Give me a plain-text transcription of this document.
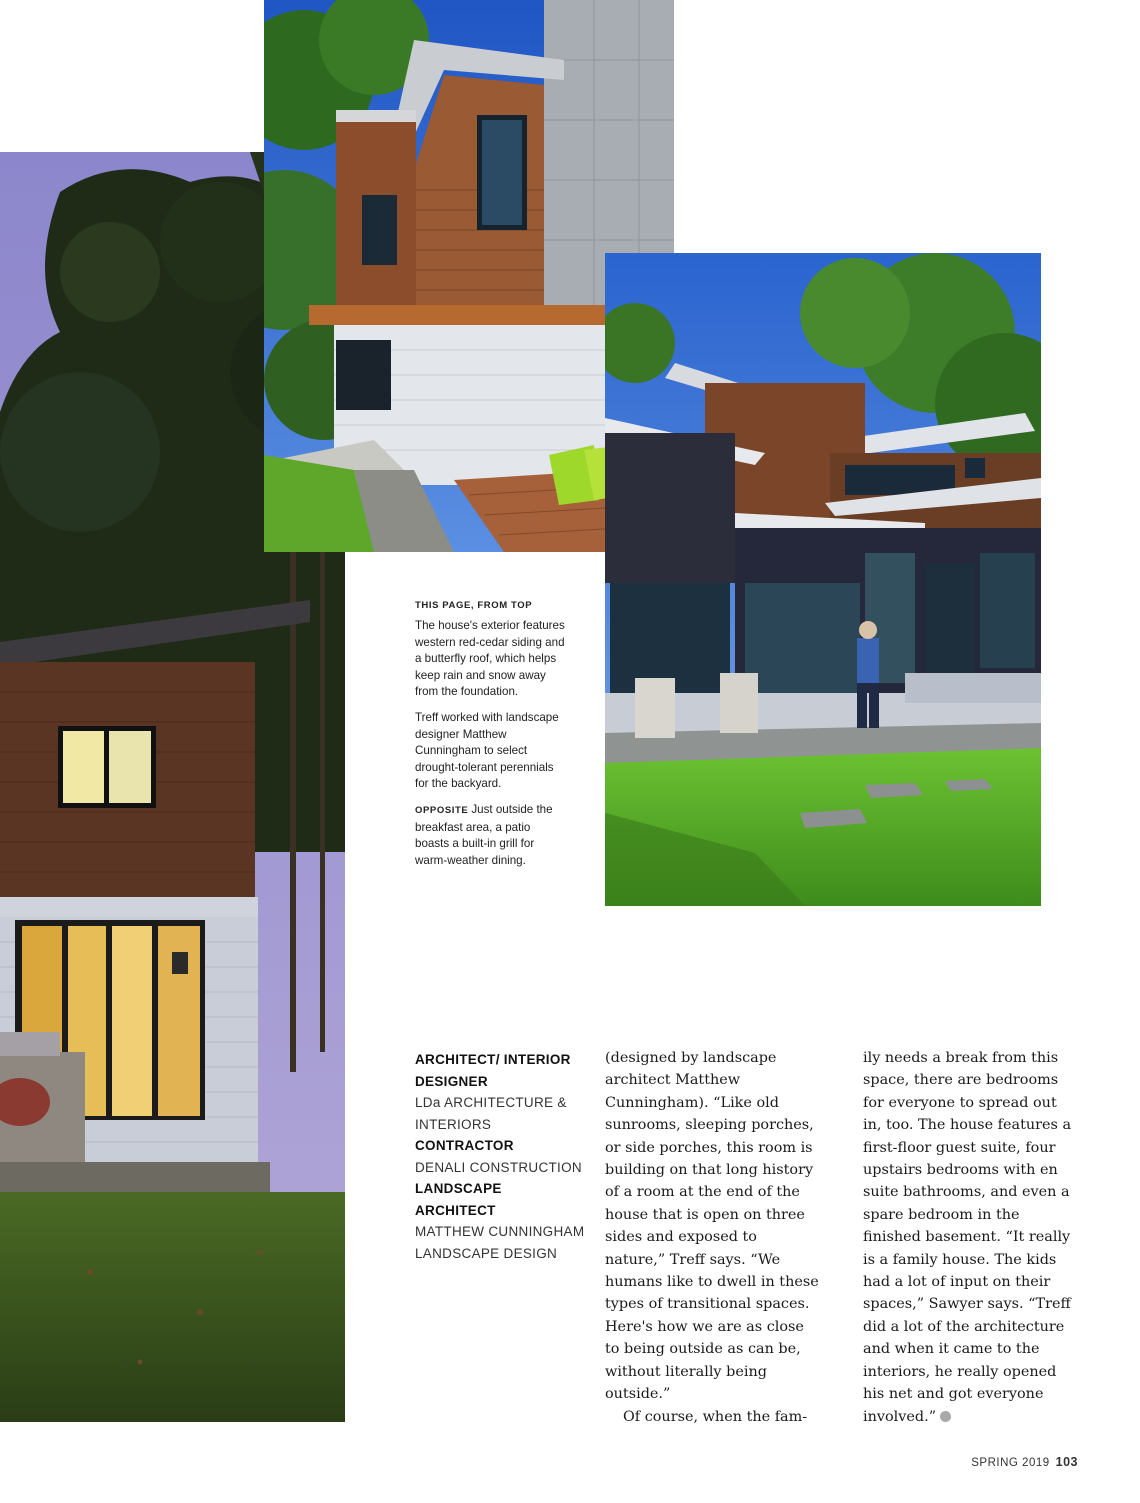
THIS PAGE, FROM TOP

The house's exterior features western red-cedar siding and a butterfly roof, which helps keep rain and snow away from the foundation.

Treff worked with landscape designer Matthew Cunningham to select drought-tolerant perennials for the backyard.

OPPOSITE Just outside the breakfast area, a patio boasts a built-in grill for warm-weather dining.

ARCHITECT/ INTERIOR DESIGNER
LDa ARCHITECTURE & INTERIORS
CONTRACTOR
DENALI CONSTRUCTION
LANDSCAPE ARCHITECT
MATTHEW CUNNINGHAM LANDSCAPE DESIGN

(designed by landscape architect Matthew Cunningham). “Like old sunrooms, sleeping porches, or side porches, this room is building on that long history of a room at the end of the house that is open on three sides and exposed to nature,” Treff says. “We humans like to dwell in these types of transitional spaces. Here's how we are as close to being outside as can be, without literally being outside.”

Of course, when the fam-

ily needs a break from this space, there are bedrooms for everyone to spread out in, too. The house features a first-floor guest suite, four upstairs bedrooms with en suite bathrooms, and even a spare bedroom in the finished basement. “It really is a family house. The kids had a lot of input on their spaces,” Sawyer says. “Treff did a lot of the architecture and when it came to the interiors, he really opened his net and got everyone involved.”

SPRING 2019 103
